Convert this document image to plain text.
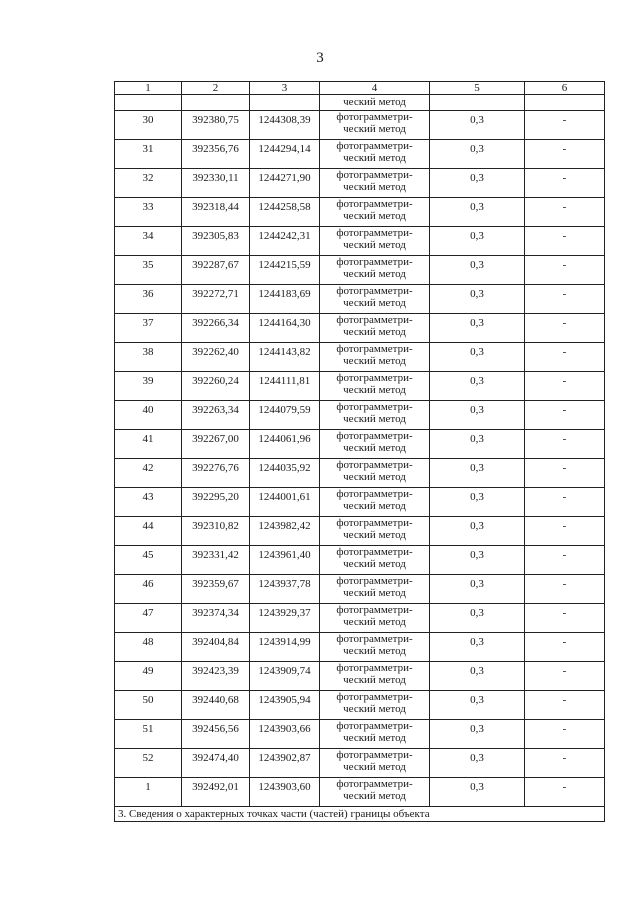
3
1	2	3	4	5	6

			ческий метод		

30	392380,75	1244308,39	фотограмметри-
ческий метод	0,3	-

31	392356,76	1244294,14	фотограмметри-
ческий метод	0,3	-

32	392330,11	1244271,90	фотограмметри-
ческий метод	0,3	-

33	392318,44	1244258,58	фотограмметри-
ческий метод	0,3	-

34	392305,83	1244242,31	фотограмметри-
ческий метод	0,3	-

35	392287,67	1244215,59	фотограмметри-
ческий метод	0,3	-

36	392272,71	1244183,69	фотограмметри-
ческий метод	0,3	-

37	392266,34	1244164,30	фотограмметри-
ческий метод	0,3	-

38	392262,40	1244143,82	фотограмметри-
ческий метод	0,3	-

39	392260,24	1244111,81	фотограмметри-
ческий метод	0,3	-

40	392263,34	1244079,59	фотограмметри-
ческий метод	0,3	-

41	392267,00	1244061,96	фотограмметри-
ческий метод	0,3	-

42	392276,76	1244035,92	фотограмметри-
ческий метод	0,3	-

43	392295,20	1244001,61	фотограмметри-
ческий метод	0,3	-

44	392310,82	1243982,42	фотограмметри-
ческий метод	0,3	-

45	392331,42	1243961,40	фотограмметри-
ческий метод	0,3	-

46	392359,67	1243937,78	фотограмметри-
ческий метод	0,3	-

47	392374,34	1243929,37	фотограмметри-
ческий метод	0,3	-

48	392404,84	1243914,99	фотограмметри-
ческий метод	0,3	-

49	392423,39	1243909,74	фотограмметри-
ческий метод	0,3	-

50	392440,68	1243905,94	фотограмметри-
ческий метод	0,3	-

51	392456,56	1243903,66	фотограмметри-
ческий метод	0,3	-

52	392474,40	1243902,87	фотограмметри-
ческий метод	0,3	-

1	392492,01	1243903,60	фотограмметри-
ческий метод	0,3	-

3. Сведения о характерных точках части (частей) границы объекта					
